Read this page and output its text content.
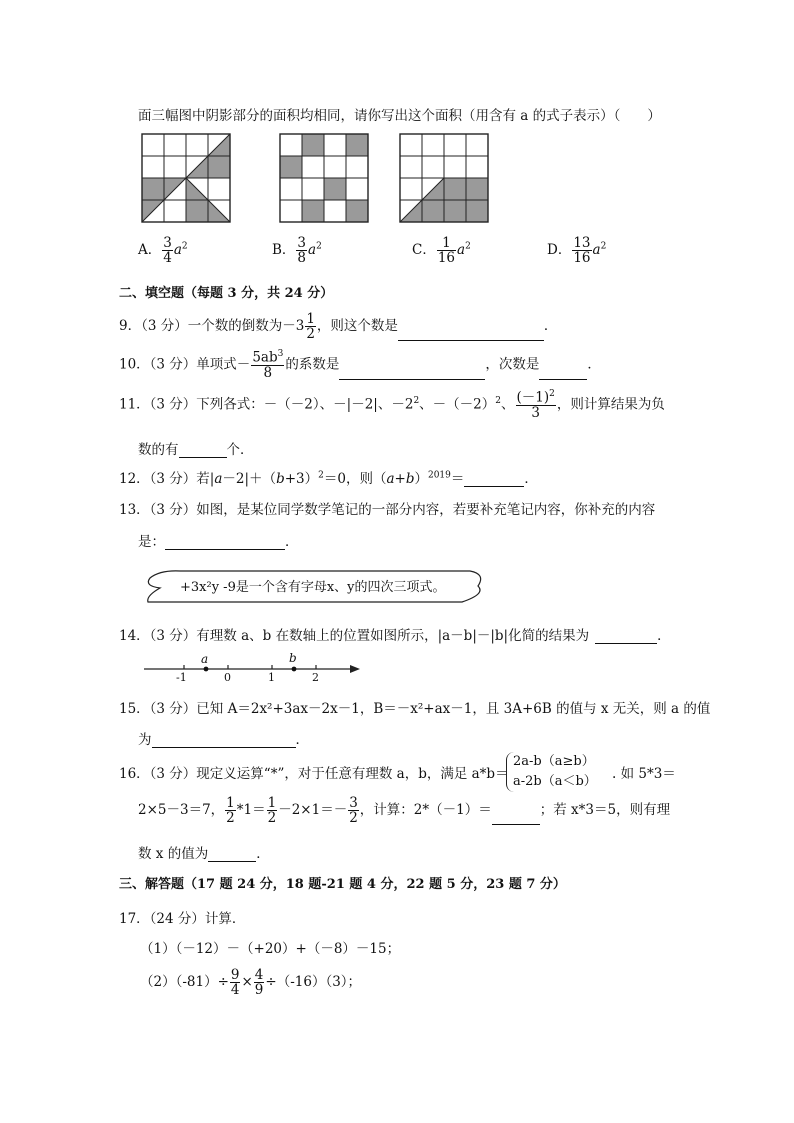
面三幅图中阴影部分的面积均相同，请你写出这个面积（用含有 a 的式子表示）（　　）
A． $\frac{3}{4} a^2$	B． $\frac{3}{8} a^2$	C． $\frac{1}{16} a^2$	D． $\frac{13}{16} a^2$
二、填空题（每题 3 分，共 24 分）
9．（3 分）一个数的倒数为$-3 \frac{1}{2}$ ，则这个数是	．
10．（3 分）单项式－ $\frac{5ab^3}{8}$ 的系数是	，次数是	．
11．（3 分）下列各式：－（－2）、－|－2|、$-2^2$、$-(-2)^2$、 $\frac{(-1)^2}{3}$ ，则计算结果为负
数的有	个．
12．（3 分）若$|a-2|+(b+3)^2=0$，则$(a+b)^{2019}=$	．
13．（3 分）如图，是某位同学数学笔记的一部分内容，若要补充笔记内容，你补充的内容
是：	．
+3x²y -9是一个含有字母x、y的四次三项式。
14．（3 分）有理数 a、b 在数轴上的位置如图所示，|a－b|－|b|化简的结果为	．
a	b
-1	0	1	2
15．（3 分）已知 A＝2x²+3ax－2x－1，B＝－x²+ax－1，且 3A+6B 的值与 x 无关，则 a 的值
为	．
16．（3 分）现定义运算“*”，对于任意有理数 a，b，满足 a*b＝
2a-b（a≥b）
a-2b（a＜b） . 如 5*3＝
2×5－3＝7， $\frac{1}{2} *1= \frac{1}{2} -2\times 1=- \frac{3}{2}$ ，计算：2*（－1）＝	；若 x*3＝5，则有理
数 x 的值为	．
三、解答题（17 题 24 分，18 题-21 题 4 分，22 题 5 分，23 题 7 分）
17．（24 分）计算．
（1）（－12）－（+20）+（－8）－15；
$(2)(-81)\div \frac{9}{4} \times \frac{4}{9} \div(-16)(3)$；
